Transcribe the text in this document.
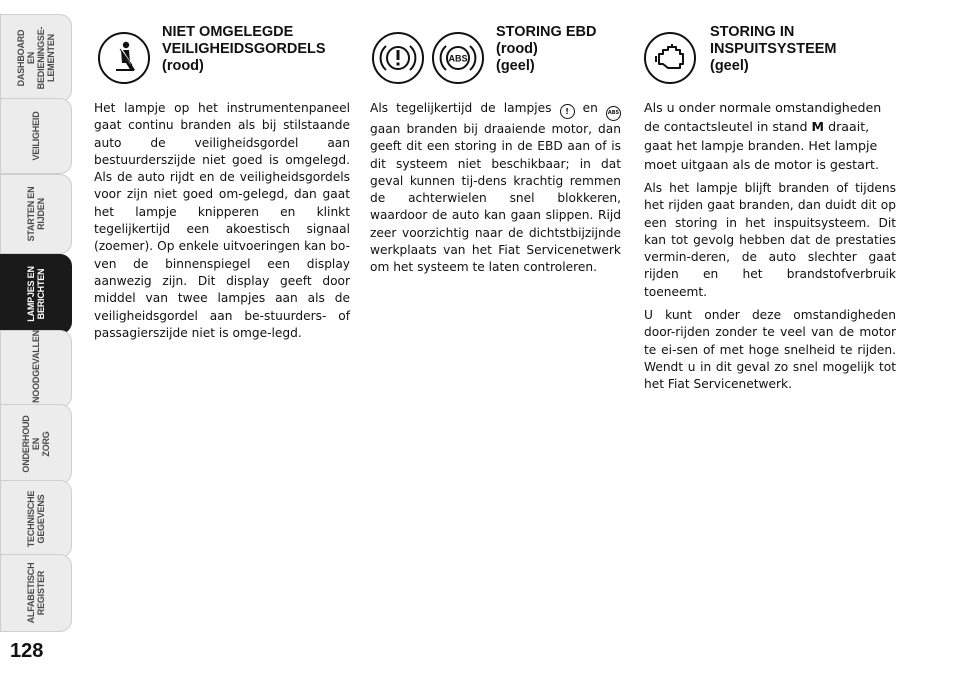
DASHBOARD EN
BEDIENINGSE-
LEMENTEN
VEILIGHEID
STARTEN EN
RIJDEN
LAMPJES EN
BERICHTEN
NOODGEVALLEN
ONDERHOUD EN
ZORG
TECHNISCHE
GEGEVENS
ALFABETISCH
REGISTER
128
NIET OMGELEGDE
VEILIGHEIDSGORDELS
(rood)

Het lampje op het instrumentenpaneel gaat continu branden als bij stilstaande auto de veiligheidsgordel aan bestuurderszijde niet goed is omgelegd. Als de auto rijdt en de veiligheidsgordels voor zijn niet goed om-gelegd, dan gaat het lampje knipperen en klinkt tegelijkertijd een akoestisch signaal (zoemer). Op enkele uitvoeringen kan bo-ven de binnenspiegel een display aanwezig zijn. Dit display geeft door middel van twee lampjes aan als de veiligheidsgordel aan be-stuurders- of passagierszijde niet is omge-legd.

ABS
STORING EBD
(rood)
(geel)

Als tegelijkertijd de lampjes ! en ABS gaan branden bij draaiende motor, dan geeft dit een storing in de EBD aan of is dit systeem niet beschikbaar; in dat geval kunnen tij-dens krachtig remmen de achterwielen snel blokkeren, waardoor de auto kan gaan slippen. Rijd zeer voorzichtig naar de dichtstbijzijnde werkplaats van het Fiat Servicenetwerk om het systeem te laten controleren.

STORING IN
INSPUITSYSTEEM
(geel)

Als u onder normale omstandigheden de contactsleutel in stand M draait, gaat het lampje branden. Het lampje moet uitgaan als de motor is gestart.

Als het lampje blijft branden of tijdens het rijden gaat branden, dan duidt dit op een storing in het inspuitsysteem. Dit kan tot gevolg hebben dat de prestaties vermin-deren, de auto slechter gaat rijden en het brandstofverbruik toeneemt.

U kunt onder deze omstandigheden door-rijden zonder te veel van de motor te ei-sen of met hoge snelheid te rijden. Wendt u in dit geval zo snel mogelijk tot het Fiat Servicenetwerk.
